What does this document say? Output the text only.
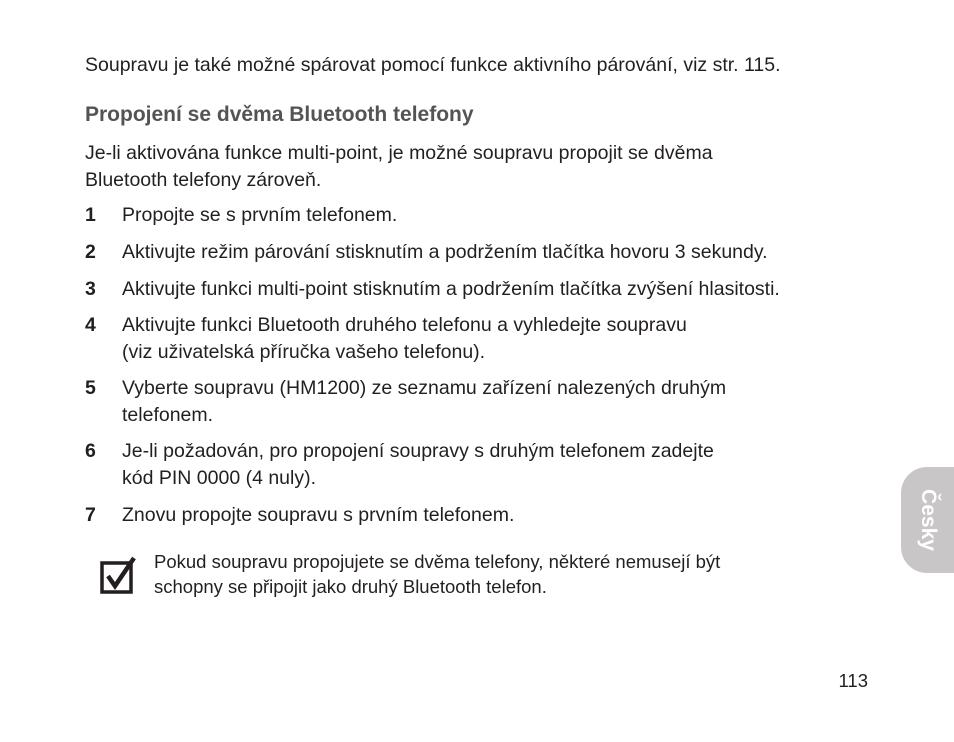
Soupravu je také možné spárovat pomocí funkce aktivního párování, viz str. 115.

Propojení se dvěma Bluetooth telefony

Je-li aktivována funkce multi-point, je možné soupravu propojit se dvěma
Bluetooth telefony zároveň.

1	Propojte se s prvním telefonem.
2	Aktivujte režim párování stisknutím a podržením tlačítka hovoru 3 sekundy.
3	Aktivujte funkci multi-point stisknutím a podržením tlačítka zvýšení hlasitosti.
4	Aktivujte funkci Bluetooth druhého telefonu a vyhledejte soupravu
(viz uživatelská příručka vašeho telefonu).
5	Vyberte soupravu (HM1200) ze seznamu zařízení nalezených druhým
telefonem.
6	Je-li požadován, pro propojení soupravy s druhým telefonem zadejte
kód PIN 0000 (4 nuly).
7	Znovu propojte soupravu s prvním telefonem.

Pokud soupravu propojujete se dvěma telefony, některé nemusejí být
schopny se připojit jako druhý Bluetooth telefon.

Česky

113
